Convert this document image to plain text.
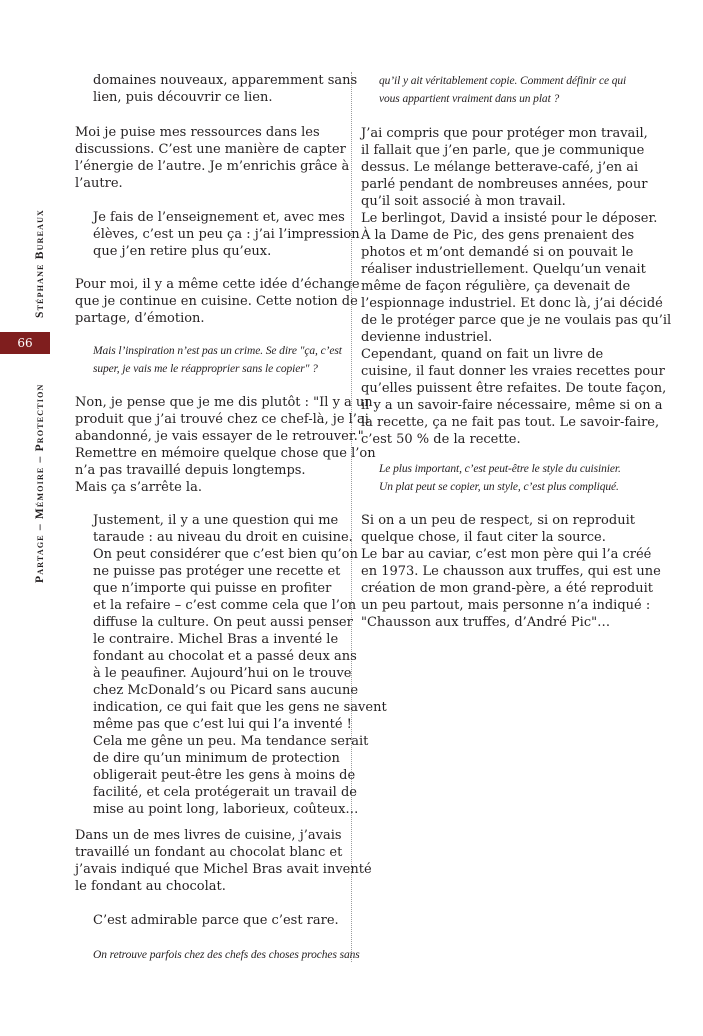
66
Stéphane Bureaux
Partage – Mémoire – Protection
domaines nouveaux, apparemment sans
lien, puis découvrir ce lien.
Moi je puise mes ressources dans les
discussions. C’est une manière de capter
l’énergie de l’autre. Je m’enrichis grâce à
l’autre.
Je fais de l’enseignement et, avec mes
élèves, c’est un peu ça : j’ai l’impression
que j’en retire plus qu’eux.
Pour moi, il y a même cette idée d’échange
que je continue en cuisine. Cette notion de
partage, d’émotion.
Mais l’inspiration n’est pas un crime. Se dire "ça, c’est
super, je vais me le réapproprier sans le copier" ?
Non, je pense que je me dis plutôt : "Il y a un
produit que j’ai trouvé chez ce chef-là, je l’ai
abandonné, je vais essayer de le retrouver."
Remettre en mémoire quelque chose que l’on
n’a pas travaillé depuis longtemps.
Mais ça s’arrête la.
Justement, il y a une question qui me
taraude : au niveau du droit en cuisine.
On peut considérer que c’est bien qu’on
ne puisse pas protéger une recette et
que n’importe qui puisse en profiter
et la refaire – c’est comme cela que l’on
diffuse la culture. On peut aussi penser
le contraire. Michel Bras a inventé le
fondant au chocolat et a passé deux ans
à le peaufiner. Aujourd’hui on le trouve
chez McDonald’s ou Picard sans aucune
indication, ce qui fait que les gens ne savent
même pas que c’est lui qui l’a inventé !
Cela me gêne un peu. Ma tendance serait
de dire qu’un minimum de protection
obligerait peut-être les gens à moins de
facilité, et cela protégerait un travail de
mise au point long, laborieux, coûteux…
Dans un de mes livres de cuisine, j’avais
travaillé un fondant au chocolat blanc et
j’avais indiqué que Michel Bras avait inventé
le fondant au chocolat.
C’est admirable parce que c’est rare.
On retrouve parfois chez des chefs des choses proches sans
qu’il y ait véritablement copie. Comment définir ce qui
vous appartient vraiment dans un plat ?
J’ai compris que pour protéger mon travail,
il fallait que j’en parle, que je communique
dessus. Le mélange betterave-café, j’en ai
parlé pendant de nombreuses années, pour
qu’il soit associé à mon travail.
Le berlingot, David a insisté pour le déposer.
À la Dame de Pic, des gens prenaient des
photos et m’ont demandé si on pouvait le
réaliser industriellement. Quelqu’un venait
même de façon régulière, ça devenait de
l’espionnage industriel. Et donc là, j’ai décidé
de le protéger parce que je ne voulais pas qu’il
devienne industriel.
Cependant, quand on fait un livre de
cuisine, il faut donner les vraies recettes pour
qu’elles puissent être refaites. De toute façon,
il y a un savoir-faire nécessaire, même si on a
la recette, ça ne fait pas tout. Le savoir-faire,
c’est 50 % de la recette.
Le plus important, c’est peut-être le style du cuisinier.
Un plat peut se copier, un style, c’est plus compliqué.
Si on a un peu de respect, si on reproduit
quelque chose, il faut citer la source.
Le bar au caviar, c’est mon père qui l’a créé
en 1973. Le chausson aux truffes, qui est une
création de mon grand-père, a été reproduit
un peu partout, mais personne n’a indiqué :
"Chausson aux truffes, d’André Pic"…
